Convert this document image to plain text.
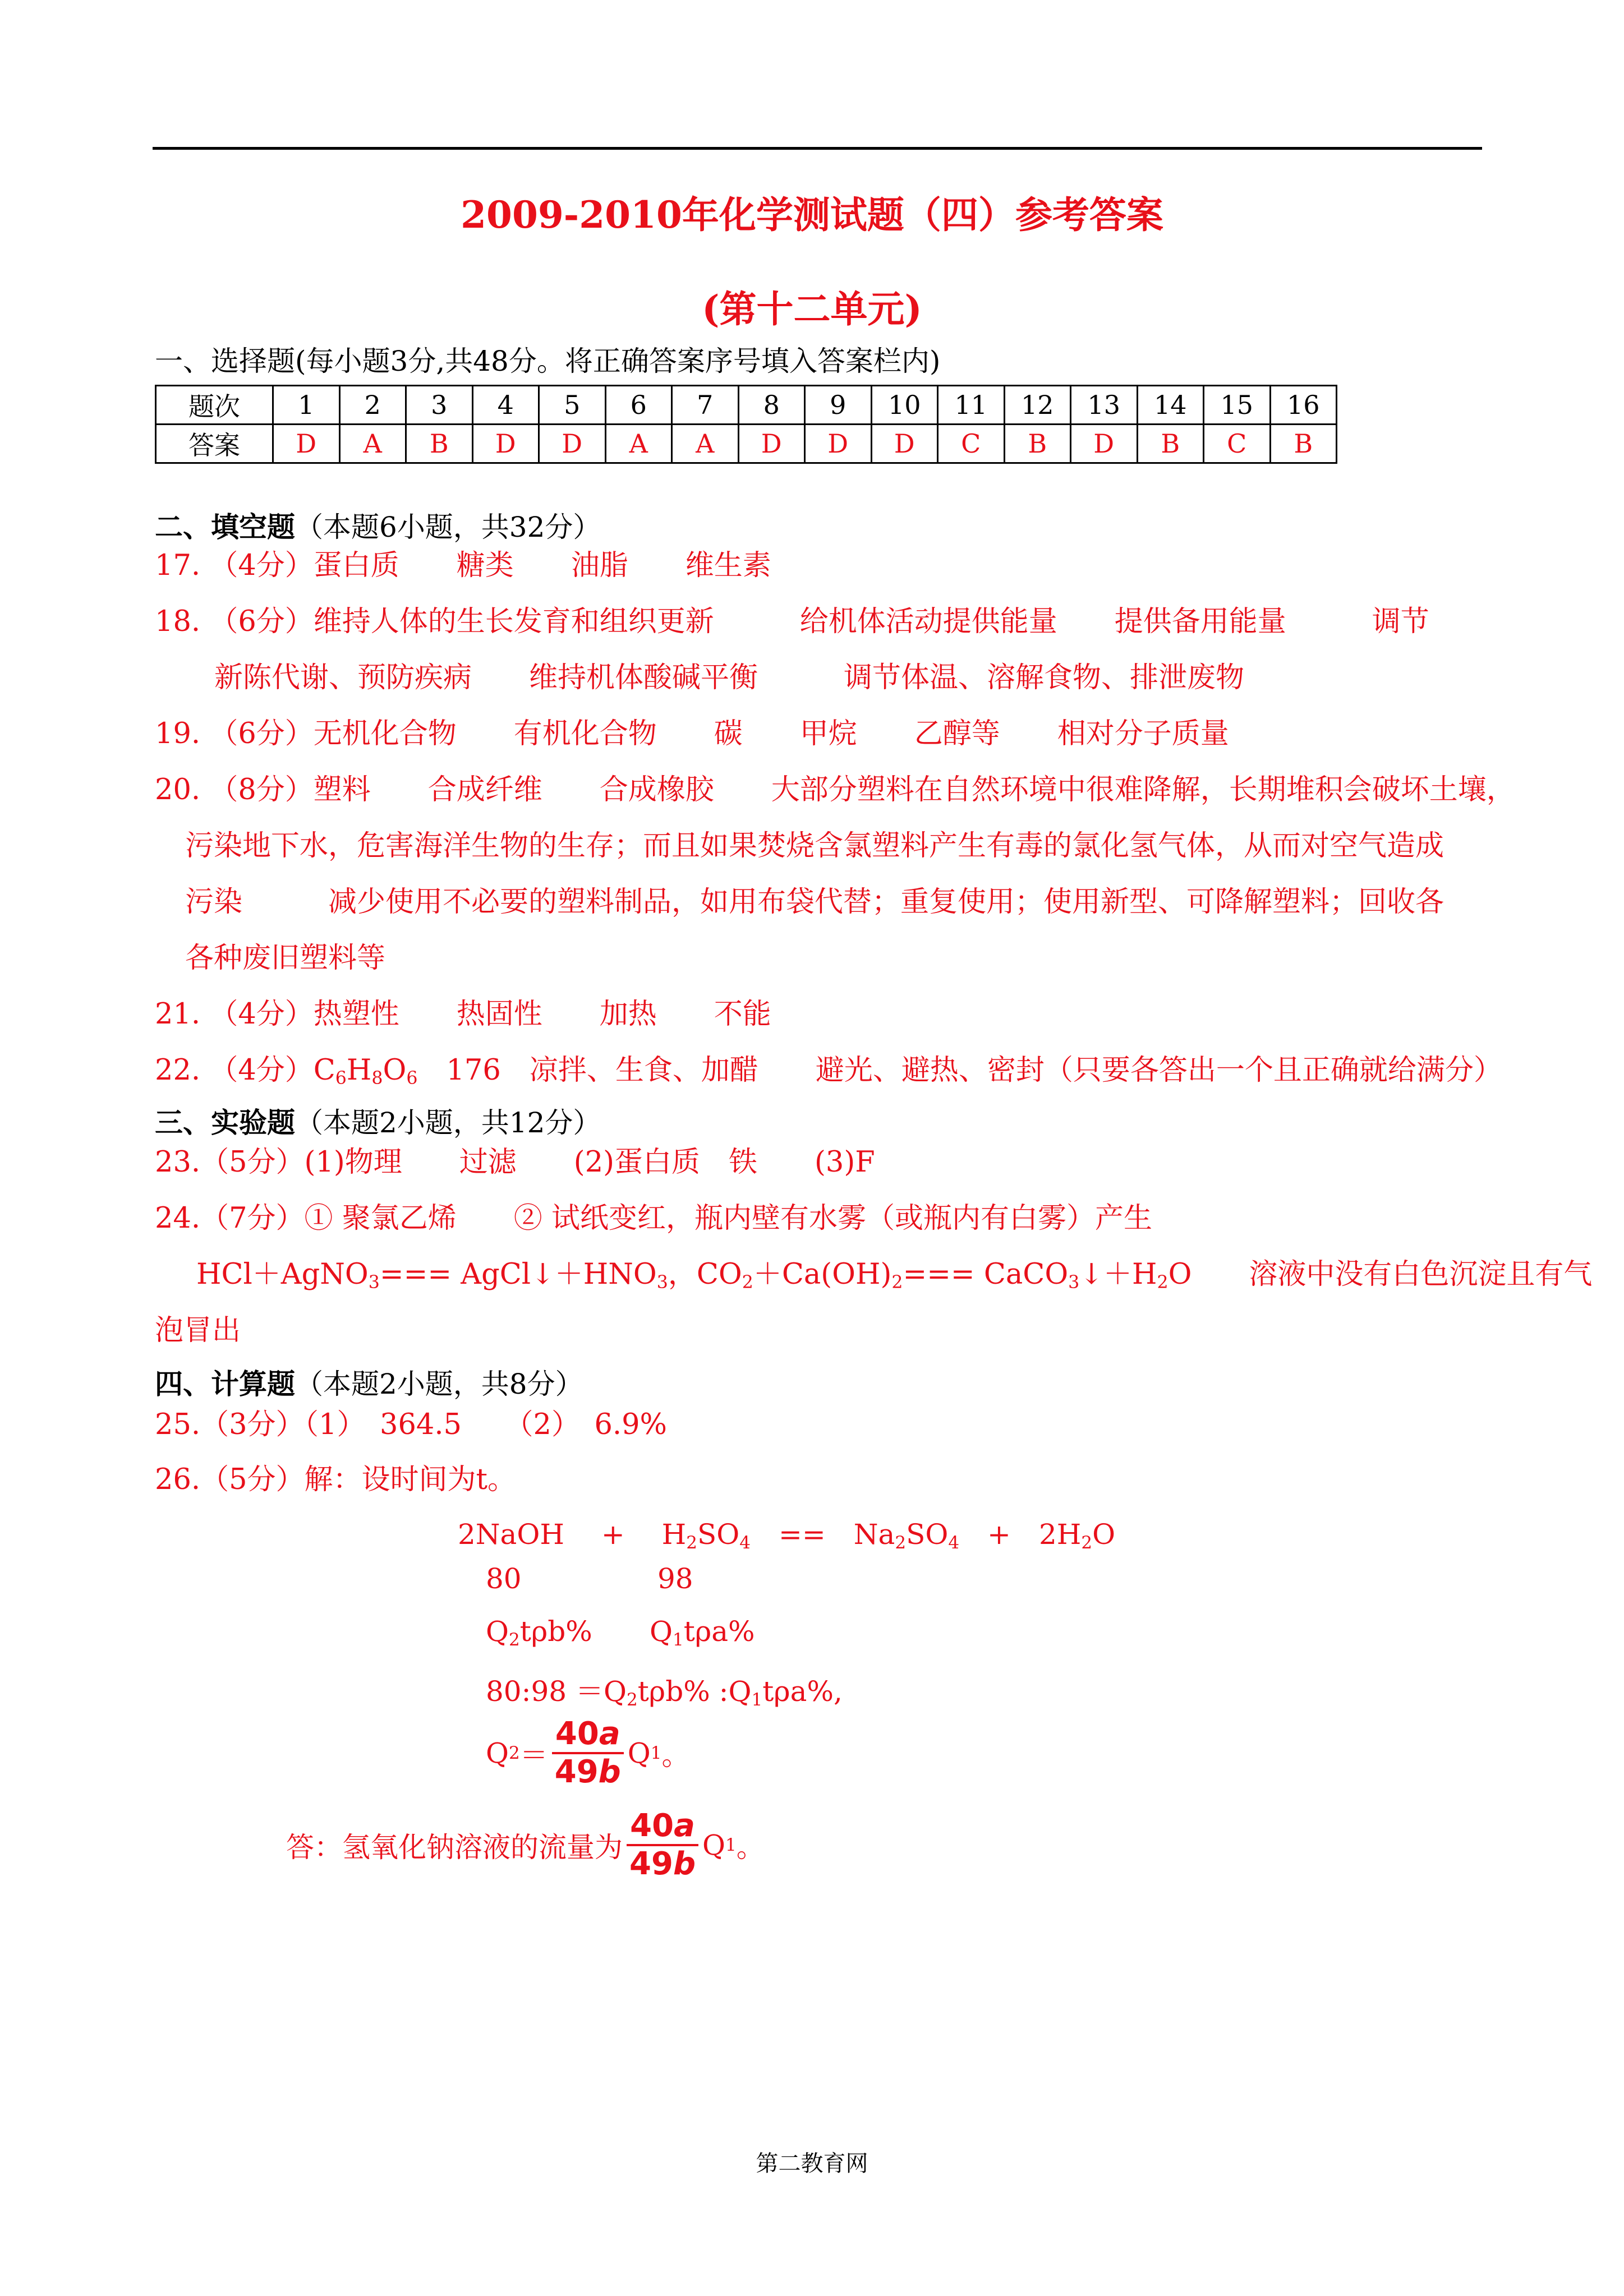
2009-2010年化学测试题（四）参考答案
(第十二单元)
一、选择题(每小题3分,共48分。将正确答案序号填入答案栏内)
题次	1	2	3	4	5	6	7	8	9	10	11	12	13	14	15	16
答案	D	A	B	D	D	A	A	D	D	D	C	B	D	B	C	B
二、填空题（本题6小题，共32分）
17. （4分）蛋白质　　糖类　　油脂　　维生素
18. （6分）维持人体的生长发育和组织更新　　　给机体活动提供能量　　提供备用能量　　　调节
新陈代谢、预防疾病　　维持机体酸碱平衡　　　调节体温、溶解食物、排泄废物
19. （6分）无机化合物　　有机化合物　　碳　　甲烷　　乙醇等　　相对分子质量
20. （8分）塑料　　合成纤维　　合成橡胶　　大部分塑料在自然环境中很难降解，长期堆积会破坏土壤，
污染地下水，危害海洋生物的生存；而且如果焚烧含氯塑料产生有毒的氯化氢气体，从而对空气造成
污染　　　减少使用不必要的塑料制品，如用布袋代替；重复使用；使用新型、可降解塑料；回收各
各种废旧塑料等
21. （4分）热塑性　　热固性　　加热　　不能
22. （4分）$C_6H_8O_6$　176　凉拌、生食、加醋　　避光、避热、密封（只要各答出一个且正确就给满分）
三、实验题（本题2小题，共12分）
23.（5分）(1)物理　　过滤　　(2)蛋白质　铁　　(3)F
24.（7分）① 聚氯乙烯　　② 试纸变红，瓶内壁有水雾（或瓶内有白雾）产生
HCl＋AgNO$_3$=== $AgCl↓+HNO_3$，$CO_2+Ca(OH)_2===$ $CaCO_3↓+H_2O$　　溶液中没有白色沉淀且有气
泡冒出
四、计算题（本题2小题，共8分）
25.（3分）（1）　364.5　　（2）　6.9%
26.（5分）解：设时间为t。
2NaOH　 +　 $H_2SO_4$　==　$Na_2SO_4$　+　$2H_2O$
80	98
$Q_2t\rho b\%$ $Q_1t\rho a\%$
80:98 $=Q_2t\rho b\%$ $:Q_1t\rho a\%$,
Q $2 = \frac{40a}{49b}$ Q 1 。
答：氢氧化钠溶液的流量为 $\frac{40a}{49b}$ Q 1 。
第二教育网
